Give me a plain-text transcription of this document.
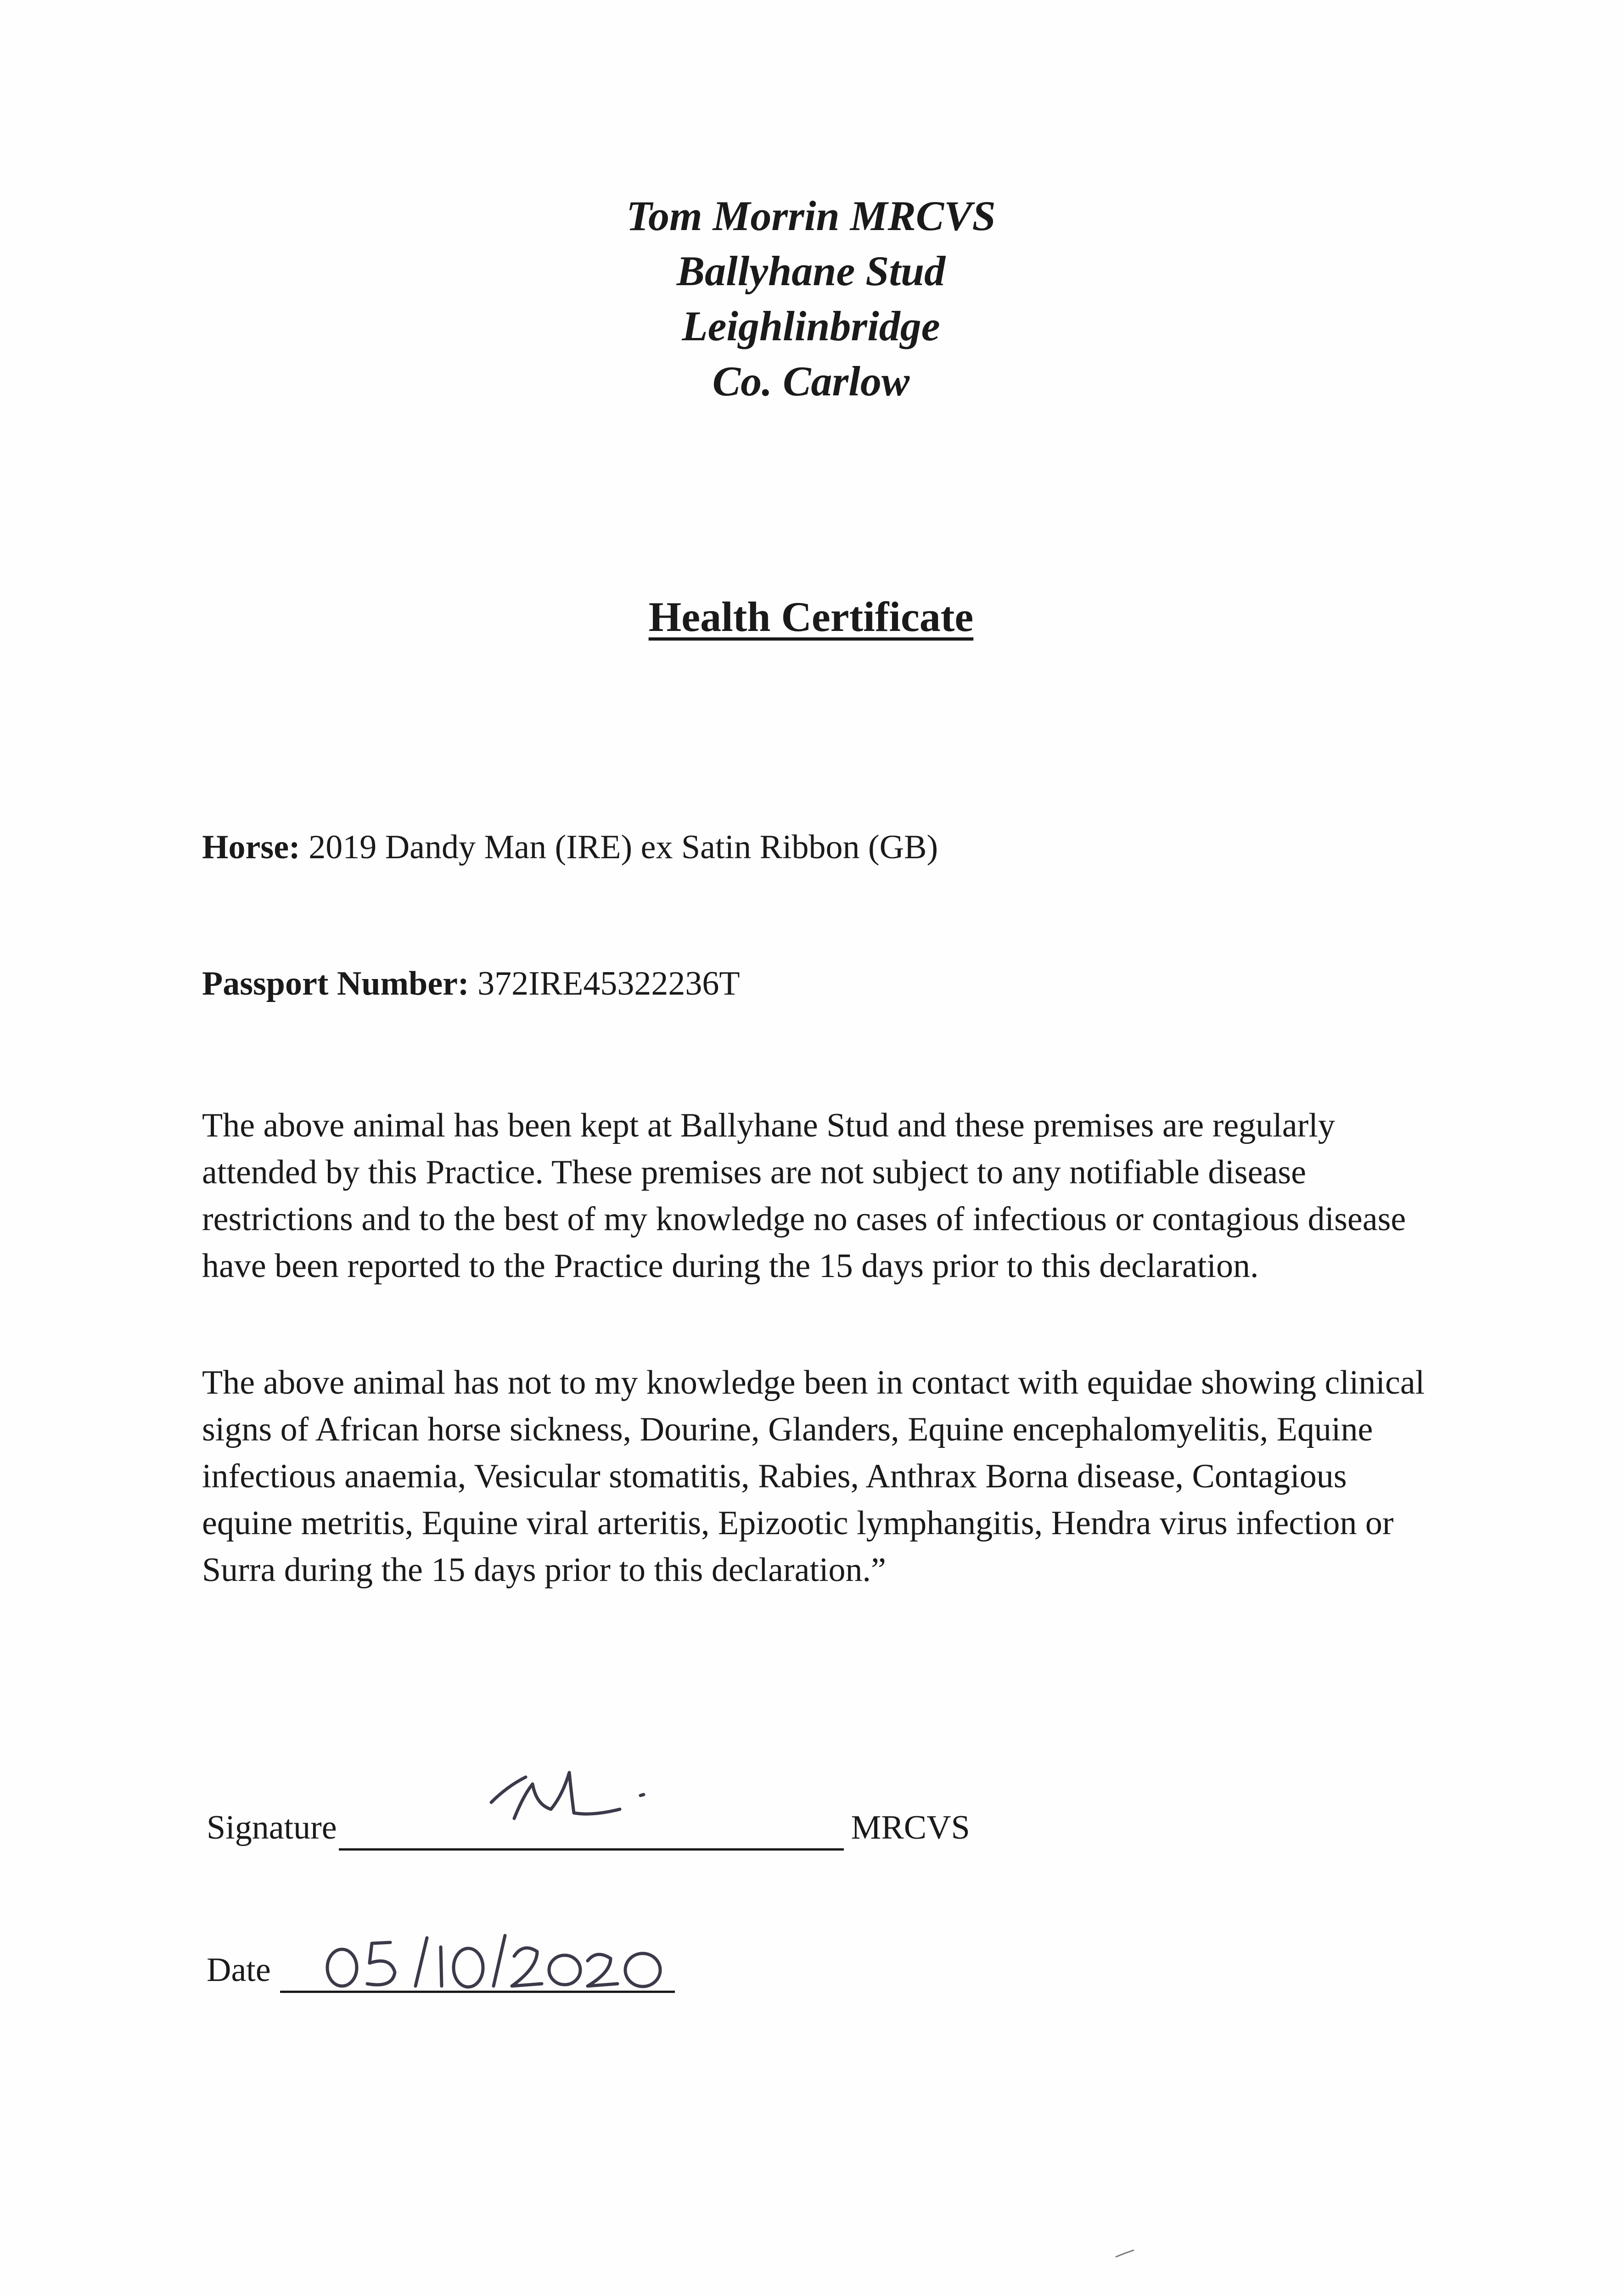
Tom Morrin MRCVS
Ballyhane Stud
Leighlinbridge
Co. Carlow
Health Certificate
Horse: 2019 Dandy Man (IRE) ex Satin Ribbon (GB)
Passport Number: 372IRE45322236T
The above animal has been kept at Ballyhane Stud and these premises are regularly attended by this Practice. These premises are not subject to any notifiable disease restrictions and to the best of my knowledge no cases of infectious or contagious disease have been reported to the Practice during the 15 days prior to this declaration.
The above animal has not to my knowledge been in contact with equidae showing clinical signs of African horse sickness, Dourine, Glanders, Equine encephalomyelitis, Equine infectious anaemia, Vesicular stomatitis, Rabies, Anthrax Borna disease, Contagious equine metritis, Equine viral arteritis, Epizootic lymphangitis, Hendra virus infection or Surra during the 15 days prior to this declaration.”
Signature	MRCVS
Date
